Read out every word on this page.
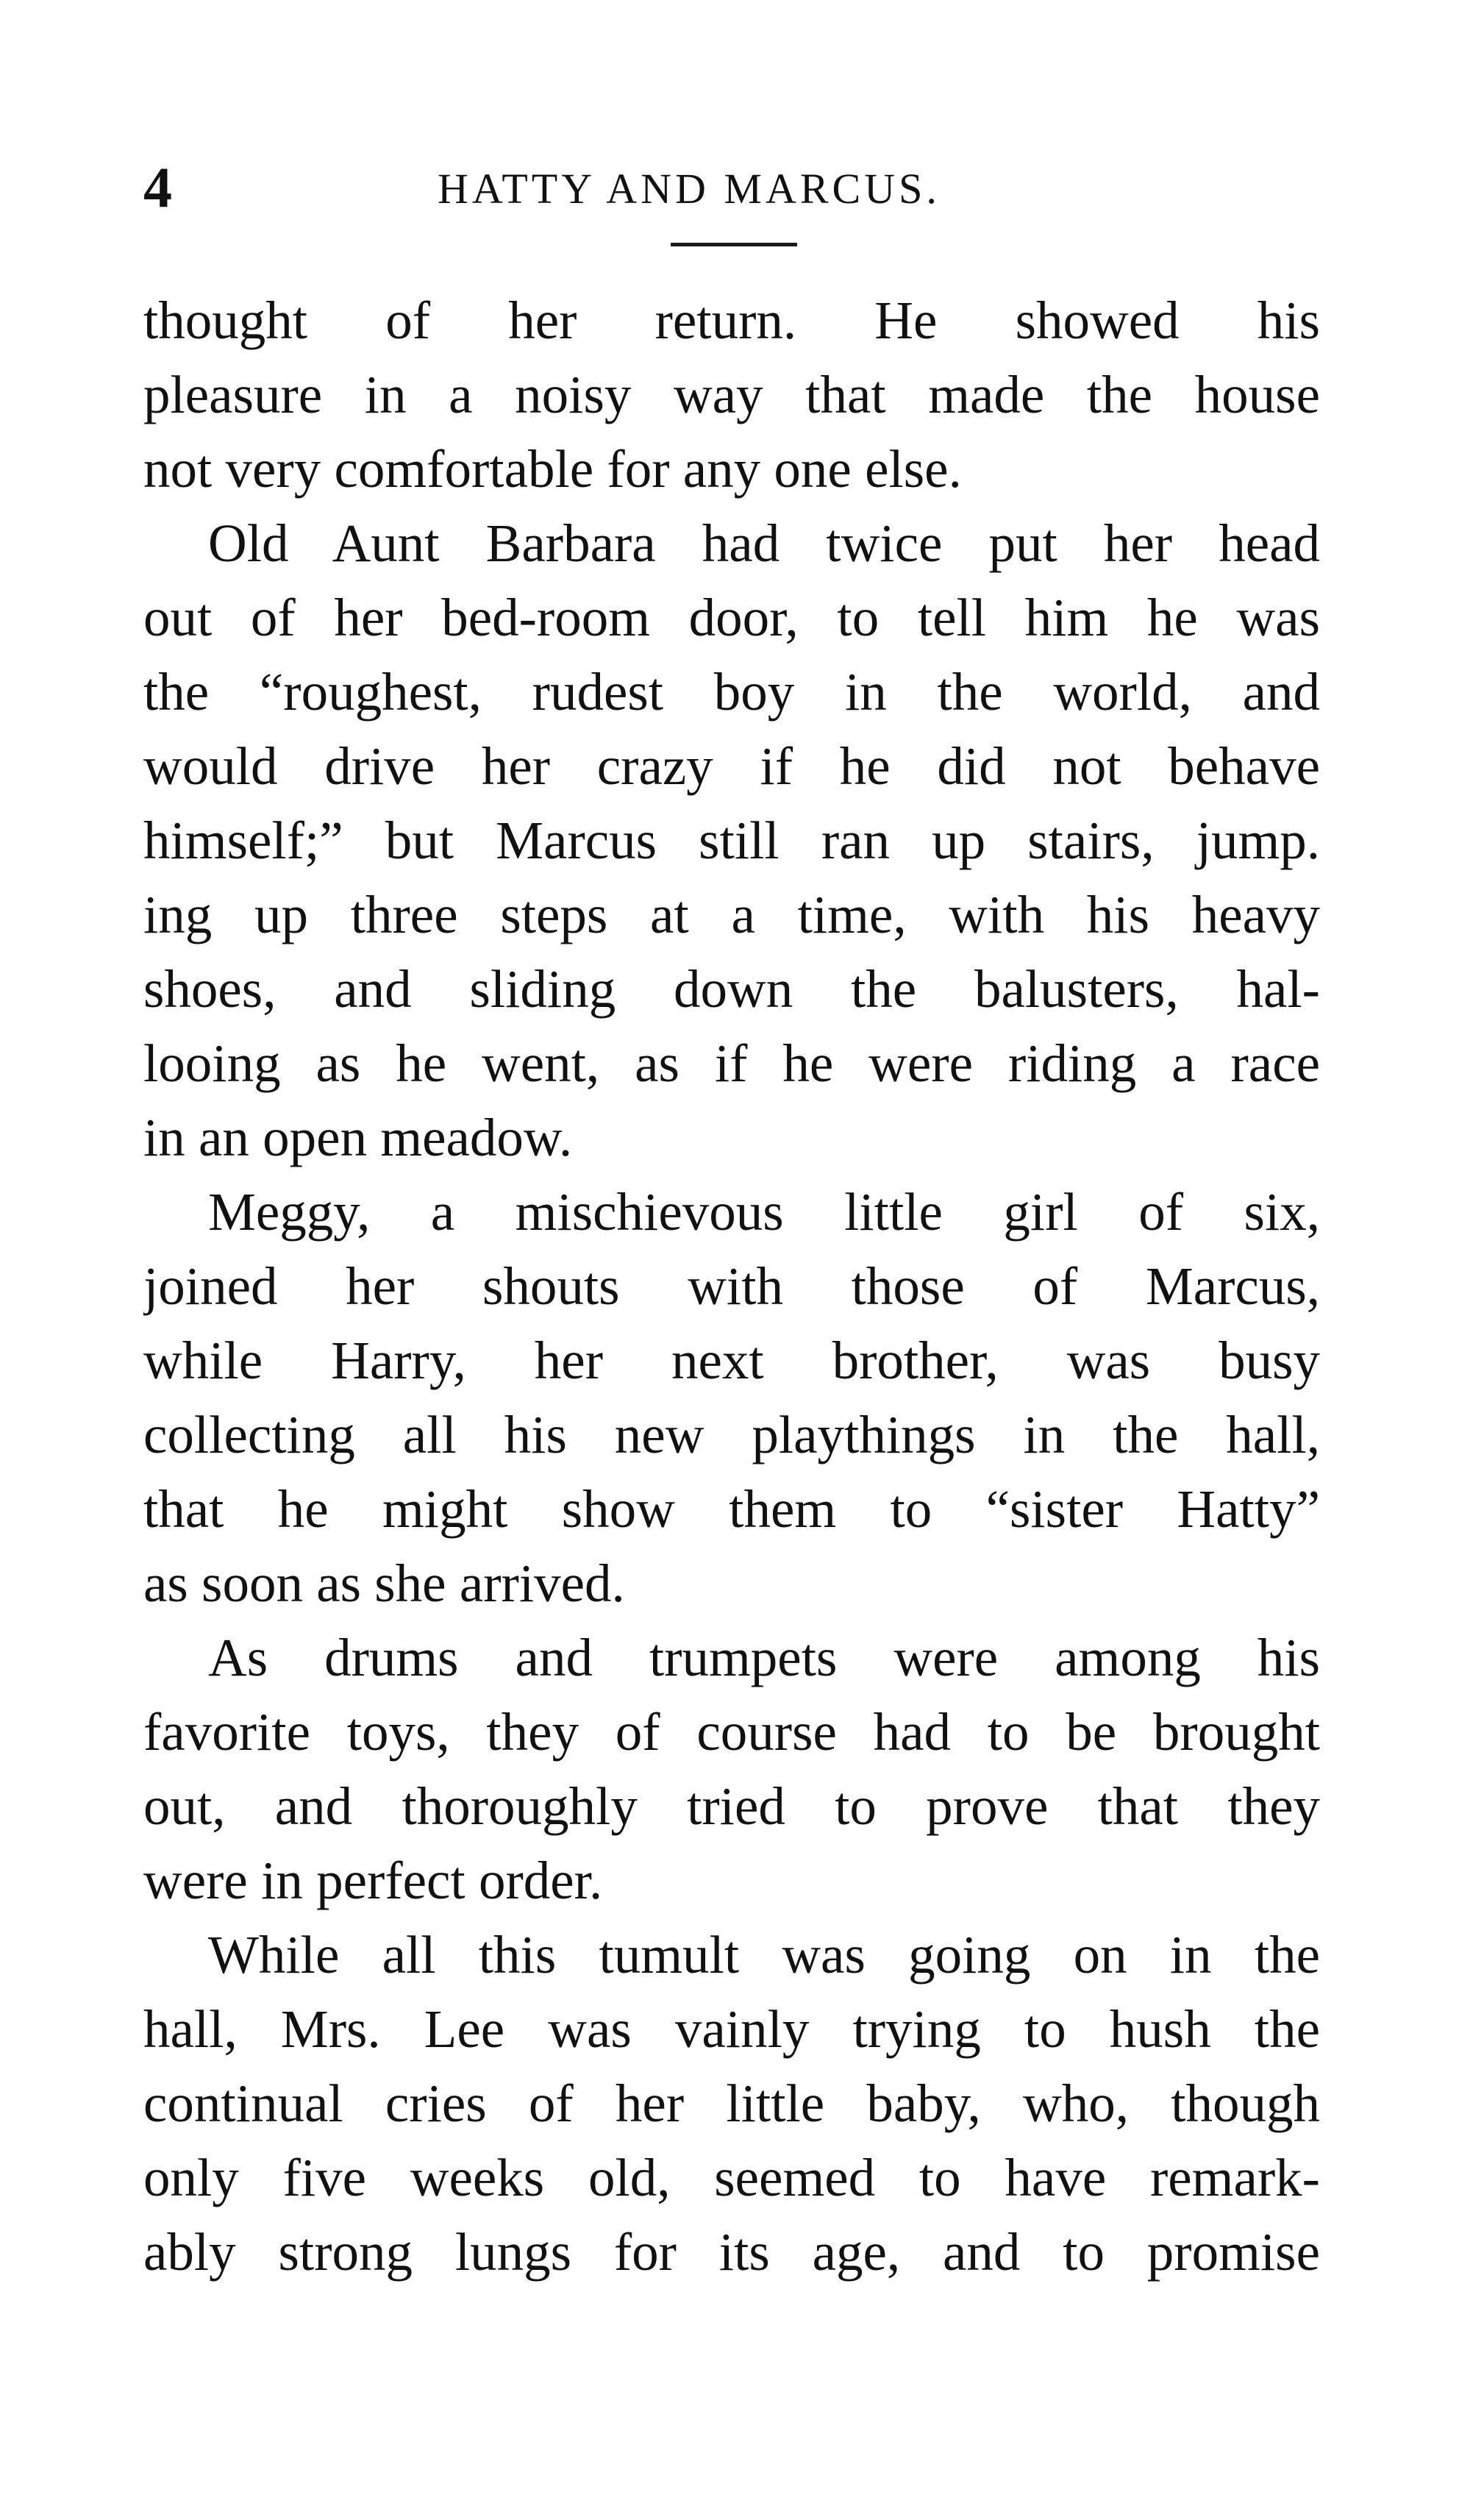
4	HATTY AND MARCUS.
thought of her return. He showed his
pleasure in a noisy way that made the house
not very comfortable for any one else.
Old Aunt Barbara had twice put her head
out of her bed-room door, to tell him he was
the “roughest, rudest boy in the world, and
would drive her crazy if he did not behave
himself;” but Marcus still ran up stairs, jump.
ing up three steps at a time, with his heavy
shoes, and sliding down the balusters, hal-
looing as he went, as if he were riding a race
in an open meadow.
Meggy, a mischievous little girl of six,
joined her shouts with those of Marcus,
while Harry, her next brother, was busy
collecting all his new playthings in the hall,
that he might show them to “sister Hatty”
as soon as she arrived.
As drums and trumpets were among his
favorite toys, they of course had to be brought
out, and thoroughly tried to prove that they
were in perfect order.
While all this tumult was going on in the
hall, Mrs. Lee was vainly trying to hush the
continual cries of her little baby, who, though
only five weeks old, seemed to have remark-
ably strong lungs for its age, and to promise
